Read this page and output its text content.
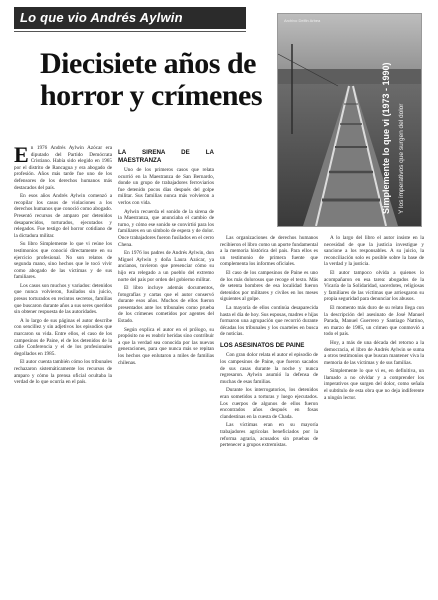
Lo que vio Andrés Aylwin
Diecisiete años de horror y crímenes
Archivo Delfin Arbea
Simplemente lo que vi (1973 - 1990)	Y los imperativos que surgen del dolor

En 1976 Andrés Aylwin Azócar era diputado del Partido Demócrata Cristiano. Había sido elegido en 1965 por el distrito de Rancagua y era abogado de profesión. Años más tarde fue uno de los defensores de los derechos humanos más destacados del país.

En esos años Andrés Aylwin comenzó a recopilar los casos de violaciones a los derechos humanos que conoció como abogado. Presentó recursos de amparo por detenidos desaparecidos, torturados, ejecutados y relegados. Fue testigo del horror cotidiano de la dictadura militar.

Su libro Simplemente lo que vi reúne los testimonios que conoció directamente en su ejercicio profesional. No son relatos de segunda mano, sino hechos que le tocó vivir como abogado de las víctimas y de sus familiares.

Los casos son muchos y variados: detenidos que nunca volvieron, fusilados sin juicio, presos torturados en recintos secretos, familias que buscaron durante años a sus seres queridos sin obtener respuesta de las autoridades.

A lo largo de sus páginas el autor describe con sencillez y sin adjetivos los episodios que marcaron su vida. Entre ellos, el caso de los campesinos de Paine, el de los detenidos de la calle Conferencia y el de los profesionales degollados en 1985.

El autor cuenta también cómo los tribunales rechazaron sistemáticamente los recursos de amparo y cómo la prensa oficial ocultaba la verdad de lo que ocurría en el país.

LA SIRENA DE LA MAESTRANZA

Uno de los primeros casos que relata ocurrió en la Maestranza de San Bernardo, donde un grupo de trabajadores ferroviarios fue detenido pocos días después del golpe militar. Sus familias nunca más volvieron a verlos con vida.

Aylwin recuerda el sonido de la sirena de la Maestranza, que anunciaba el cambio de turno, y cómo ese sonido se convirtió para los familiares en un símbolo de espera y de dolor. Once trabajadores fueron fusilados en el cerro Chena.

En 1976 los padres de Andrés Aylwin, don Miguel Aylwin y doña Laura Azócar, ya ancianos, tuvieron que presenciar cómo su hijo era relegado a un pueblo del extremo norte del país por orden del gobierno militar.

El libro incluye además documentos, fotografías y cartas que el autor conservó durante esos años. Muchos de ellos fueron presentados ante los tribunales como prueba de los crímenes cometidos por agentes del Estado.

Según explica el autor en el prólogo, su propósito no es reabrir heridas sino contribuir a que la verdad sea conocida por las nuevas generaciones, para que nunca más se repitan los hechos que enlutaron a miles de familias chilenas.

Las organizaciones de derechos humanos recibieron el libro como un aporte fundamental a la memoria histórica del país. Para ellos es un testimonio de primera fuente que complementa los informes oficiales.

El caso de los campesinos de Paine es uno de los más dolorosos que recoge el texto. Más de setenta hombres de esa localidad fueron detenidos por militares y civiles en los meses siguientes al golpe.

La mayoría de ellos continúa desaparecida hasta el día de hoy. Sus esposas, madres e hijas formaron una agrupación que recorrió durante décadas los tribunales y los cuarteles en busca de noticias.

LOS ASESINATOS DE PAINE

Con gran dolor relata el autor el episodio de los campesinos de Paine, que fueron sacados de sus casas durante la noche y nunca regresaron. Aylwin asumió la defensa de muchas de esas familias.

Durante los interrogatorios, los detenidos eran sometidos a torturas y luego ejecutados. Los cuerpos de algunos de ellos fueron encontrados años después en fosas clandestinas en la cuesta de Chada.

Las víctimas eran en su mayoría trabajadores agrícolas beneficiados por la reforma agraria, acusados sin pruebas de pertenecer a grupos extremistas.

A lo largo del libro el autor insiste en la necesidad de que la justicia investigue y sancione a los responsables. A su juicio, la reconciliación solo es posible sobre la base de la verdad y la justicia.

El autor tampoco olvida a quienes lo acompañaron en esa tarea: abogados de la Vicaría de la Solidaridad, sacerdotes, religiosas y familiares de las víctimas que arriesgaron su propia seguridad para denunciar los abusos.

El momento más duro de su relato llega con la descripción del asesinato de José Manuel Parada, Manuel Guerrero y Santiago Nattino, en marzo de 1985, un crimen que conmovió a todo el país.

Hoy, a más de una década del retorno a la democracia, el libro de Andrés Aylwin se suma a otros testimonios que buscan mantener viva la memoria de las víctimas y de sus familias.

Simplemente lo que vi es, en definitiva, un llamado a no olvidar y a comprender los imperativos que surgen del dolor, como señala el subtítulo de esta obra que no deja indiferente a ningún lector.
